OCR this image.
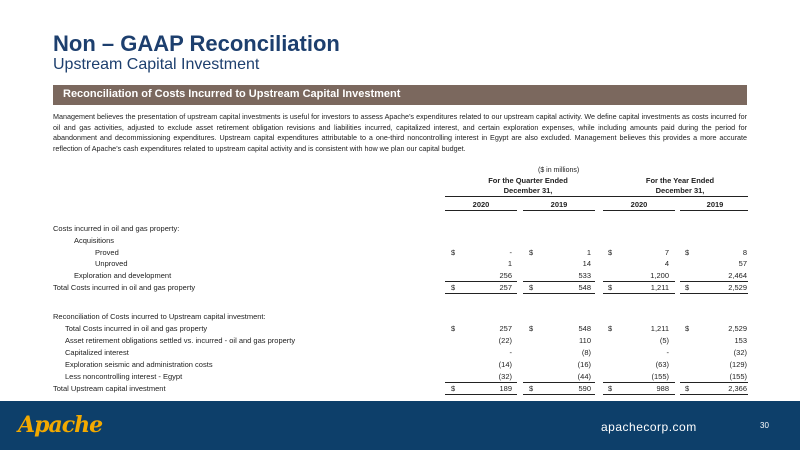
Non – GAAP Reconciliation
Upstream Capital Investment
Reconciliation of Costs Incurred to Upstream Capital Investment
Management believes the presentation of upstream capital investments is useful for investors to assess Apache’s expenditures related to our upstream capital activity. We define capital investments as costs incurred for oil and gas activities, adjusted to exclude asset retirement obligation revisions and liabilities incurred, capitalized interest, and certain exploration expenses, while including amounts paid during the period for abandonment and decommissioning expenditures. Upstream capital expenditures attributable to a one-third noncontrolling interest in Egypt are also excluded. Management believes this provides a more accurate reflection of Apache’s cash expenditures related to upstream capital activity and is consistent with how we plan our capital budget.
($ in millions)
For the Quarter Ended
December 31,
For the Year Ended
December 31,
2020	2019	2020	2019
Costs incurred in oil and gas property:
Acquisitions
Proved	$	- $	1 $	7 $	8
Unproved	1	14	4	57
Exploration and development	256	533	1,200	2,464
Total Costs incurred in oil and gas property	$	257 $	548 $	1,211 $	2,529
Reconciliation of Costs incurred to Upstream capital investment:
Total Costs incurred in oil and gas property	$	257 $	548 $	1,211 $	2,529
Asset retirement obligations settled vs. incurred - oil and gas property	(22)	110	(5)	153
Capitalized interest	-	(8)	-	(32)
Exploration seismic and administration costs	(14)	(16)	(63)	(129)
Less noncontrolling interest - Egypt	(32)	(44)	(155)	(155)
Total Upstream capital investment	$	189 $	590 $	988 $	2,366
Apache	apachecorp.com	30
